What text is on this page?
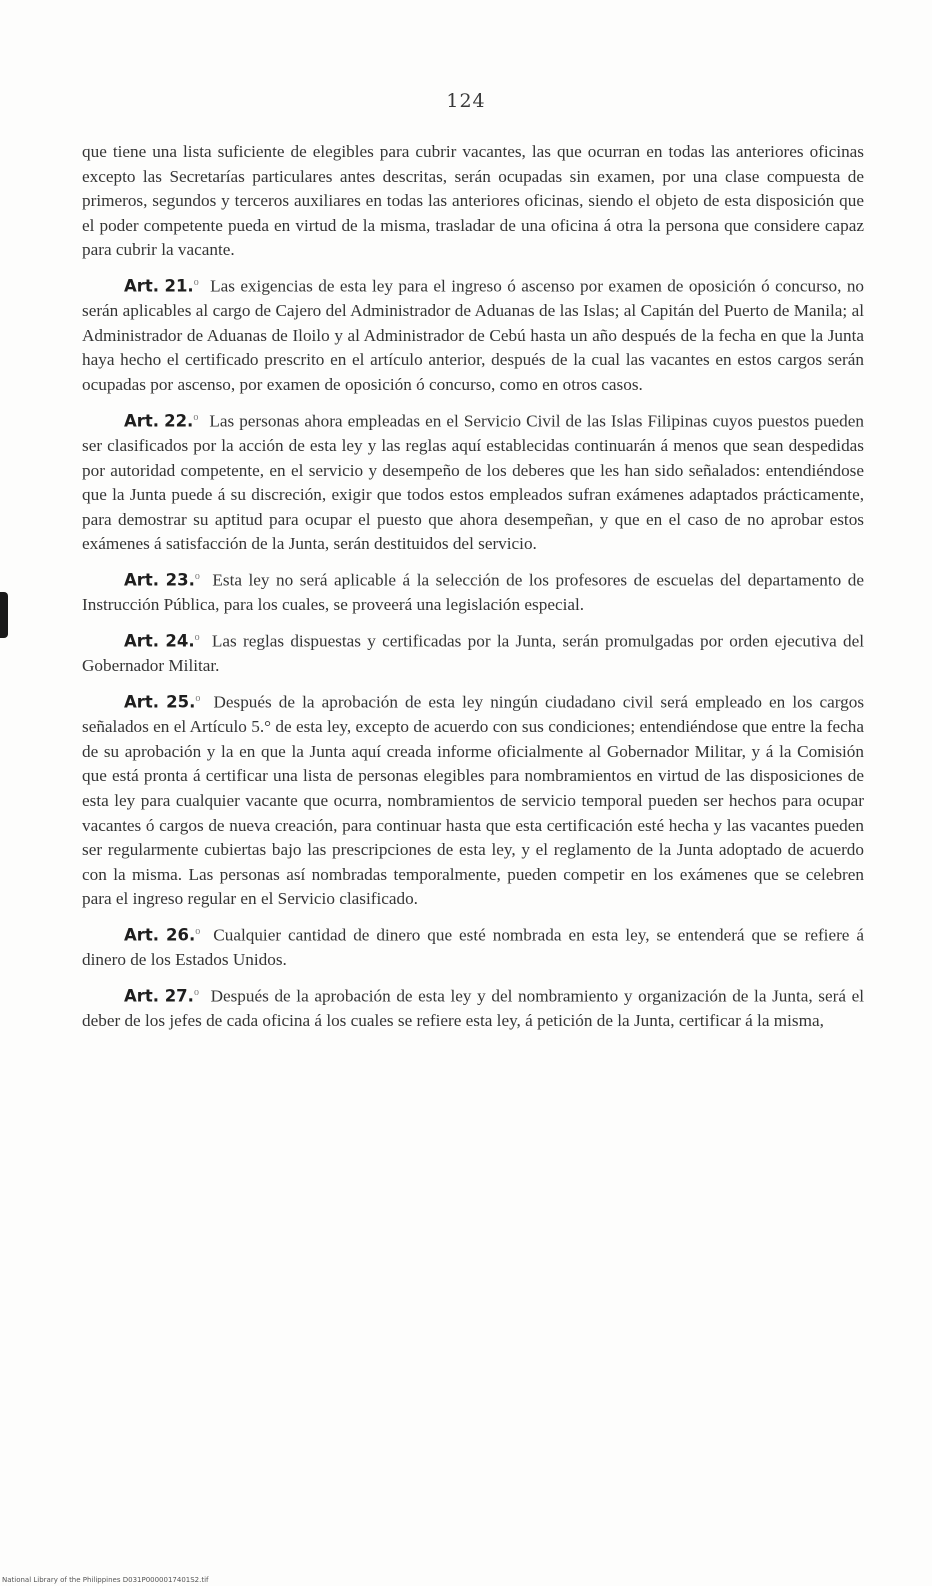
124

que tiene una lista suficiente de elegibles para cubrir vacantes, las que ocurran en todas las anteriores oficinas excepto las Secretarías particulares antes descritas, serán ocupadas sin examen, por una clase compuesta de primeros, segundos y terceros auxiliares en todas las anteriores oficinas, siendo el objeto de esta disposición que el poder competente pueda en virtud de la misma, trasladar de una oficina á otra la persona que considere capaz para cubrir la vacante.

Art. 21.$^o$ Las exigencias de esta ley para el ingreso ó ascenso por examen de oposición ó concurso, no serán aplicables al cargo de Cajero del Administrador de Aduanas de las Islas; al Capitán del Puerto de Manila; al Administrador de Aduanas de Iloilo y al Administrador de Cebú hasta un año después de la fecha en que la Junta haya hecho el certificado prescrito en el artículo anterior, después de la cual las vacantes en estos cargos serán ocupadas por ascenso, por examen de oposición ó concurso, como en otros casos.

Art. 22.$^o$ Las personas ahora empleadas en el Servicio Civil de las Islas Filipinas cuyos puestos pueden ser clasificados por la acción de esta ley y las reglas aquí establecidas continuarán á menos que sean despedidas por autoridad competente, en el servicio y desempeño de los deberes que les han sido señalados: entendiéndose que la Junta puede á su discreción, exigir que todos estos empleados sufran exámenes adaptados prácticamente, para demostrar su aptitud para ocupar el puesto que ahora desempeñan, y que en el caso de no aprobar estos exámenes á satisfacción de la Junta, serán destituidos del servicio.

Art. 23.$^o$ Esta ley no será aplicable á la selección de los profesores de escuelas del departamento de Instrucción Pública, para los cuales, se proveerá una legislación especial.

Art. 24.$^o$ Las reglas dispuestas y certificadas por la Junta, serán promulgadas por orden ejecutiva del Gobernador Militar.

Art. 25.$^o$ Después de la aprobación de esta ley ningún ciudadano civil será empleado en los cargos señalados en el Artículo 5.° de esta ley, excepto de acuerdo con sus condiciones; entendiéndose que entre la fecha de su aprobación y la en que la Junta aquí creada informe oficialmente al Gobernador Militar, y á la Comisión que está pronta á certificar una lista de personas elegibles para nombramientos en virtud de las disposiciones de esta ley para cualquier vacante que ocurra, nombramientos de servicio temporal pueden ser hechos para ocupar vacantes ó cargos de nueva creación, para continuar hasta que esta certificación esté hecha y las vacantes pueden ser regularmente cubiertas bajo las prescripciones de esta ley, y el reglamento de la Junta adoptado de acuerdo con la misma. Las personas así nombradas temporalmente, pueden competir en los exámenes que se celebren para el ingreso regular en el Servicio clasificado.

Art. 26.$^o$ Cualquier cantidad de dinero que esté nombrada en esta ley, se entenderá que se refiere á dinero de los Estados Unidos.

Art. 27.$^o$ Después de la aprobación de esta ley y del nombramiento y organización de la Junta, será el deber de los jefes de cada oficina á los cuales se refiere esta ley, á petición de la Junta, certificar á la misma,

National Library of the Philippines D031P0000017401S2.tif
